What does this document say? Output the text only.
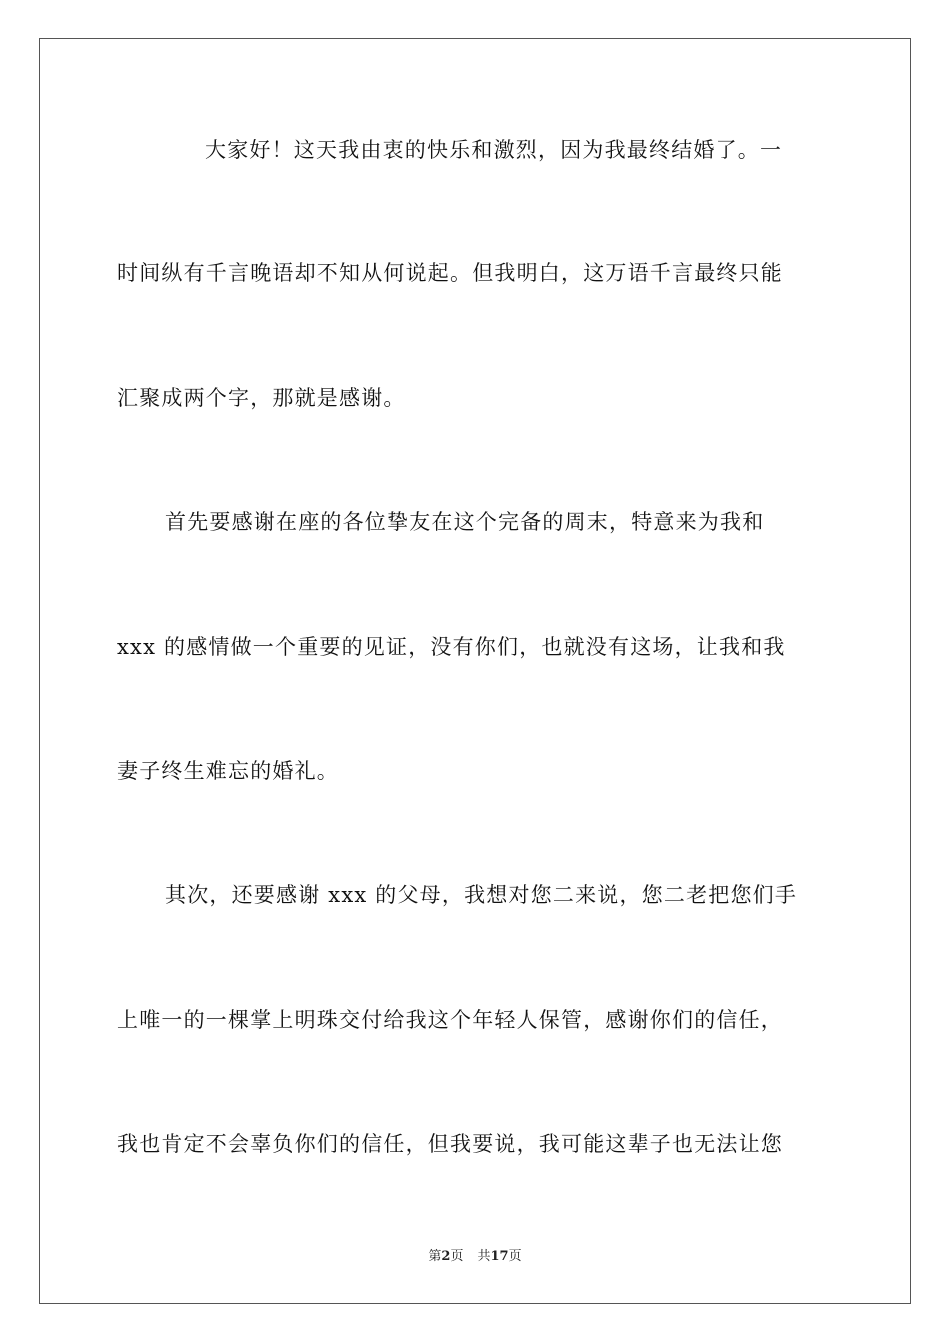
大家好！这天我由衷的快乐和激烈，因为我最终结婚了。一
时间纵有千言晚语却不知从何说起。但我明白，这万语千言最终只能
汇聚成两个字，那就是感谢。
首先要感谢在座的各位挚友在这个完备的周末，特意来为我和
xxx 的感情做一个重要的见证，没有你们，也就没有这场，让我和我
妻子终生难忘的婚礼。
其次，还要感谢 xxx 的父母，我想对您二来说，您二老把您们手
上唯一的一棵掌上明珠交付给我这个年轻人保管，感谢你们的信任，
我也肯定不会辜负你们的信任，但我要说，我可能这辈子也无法让您
第2页 共17页
